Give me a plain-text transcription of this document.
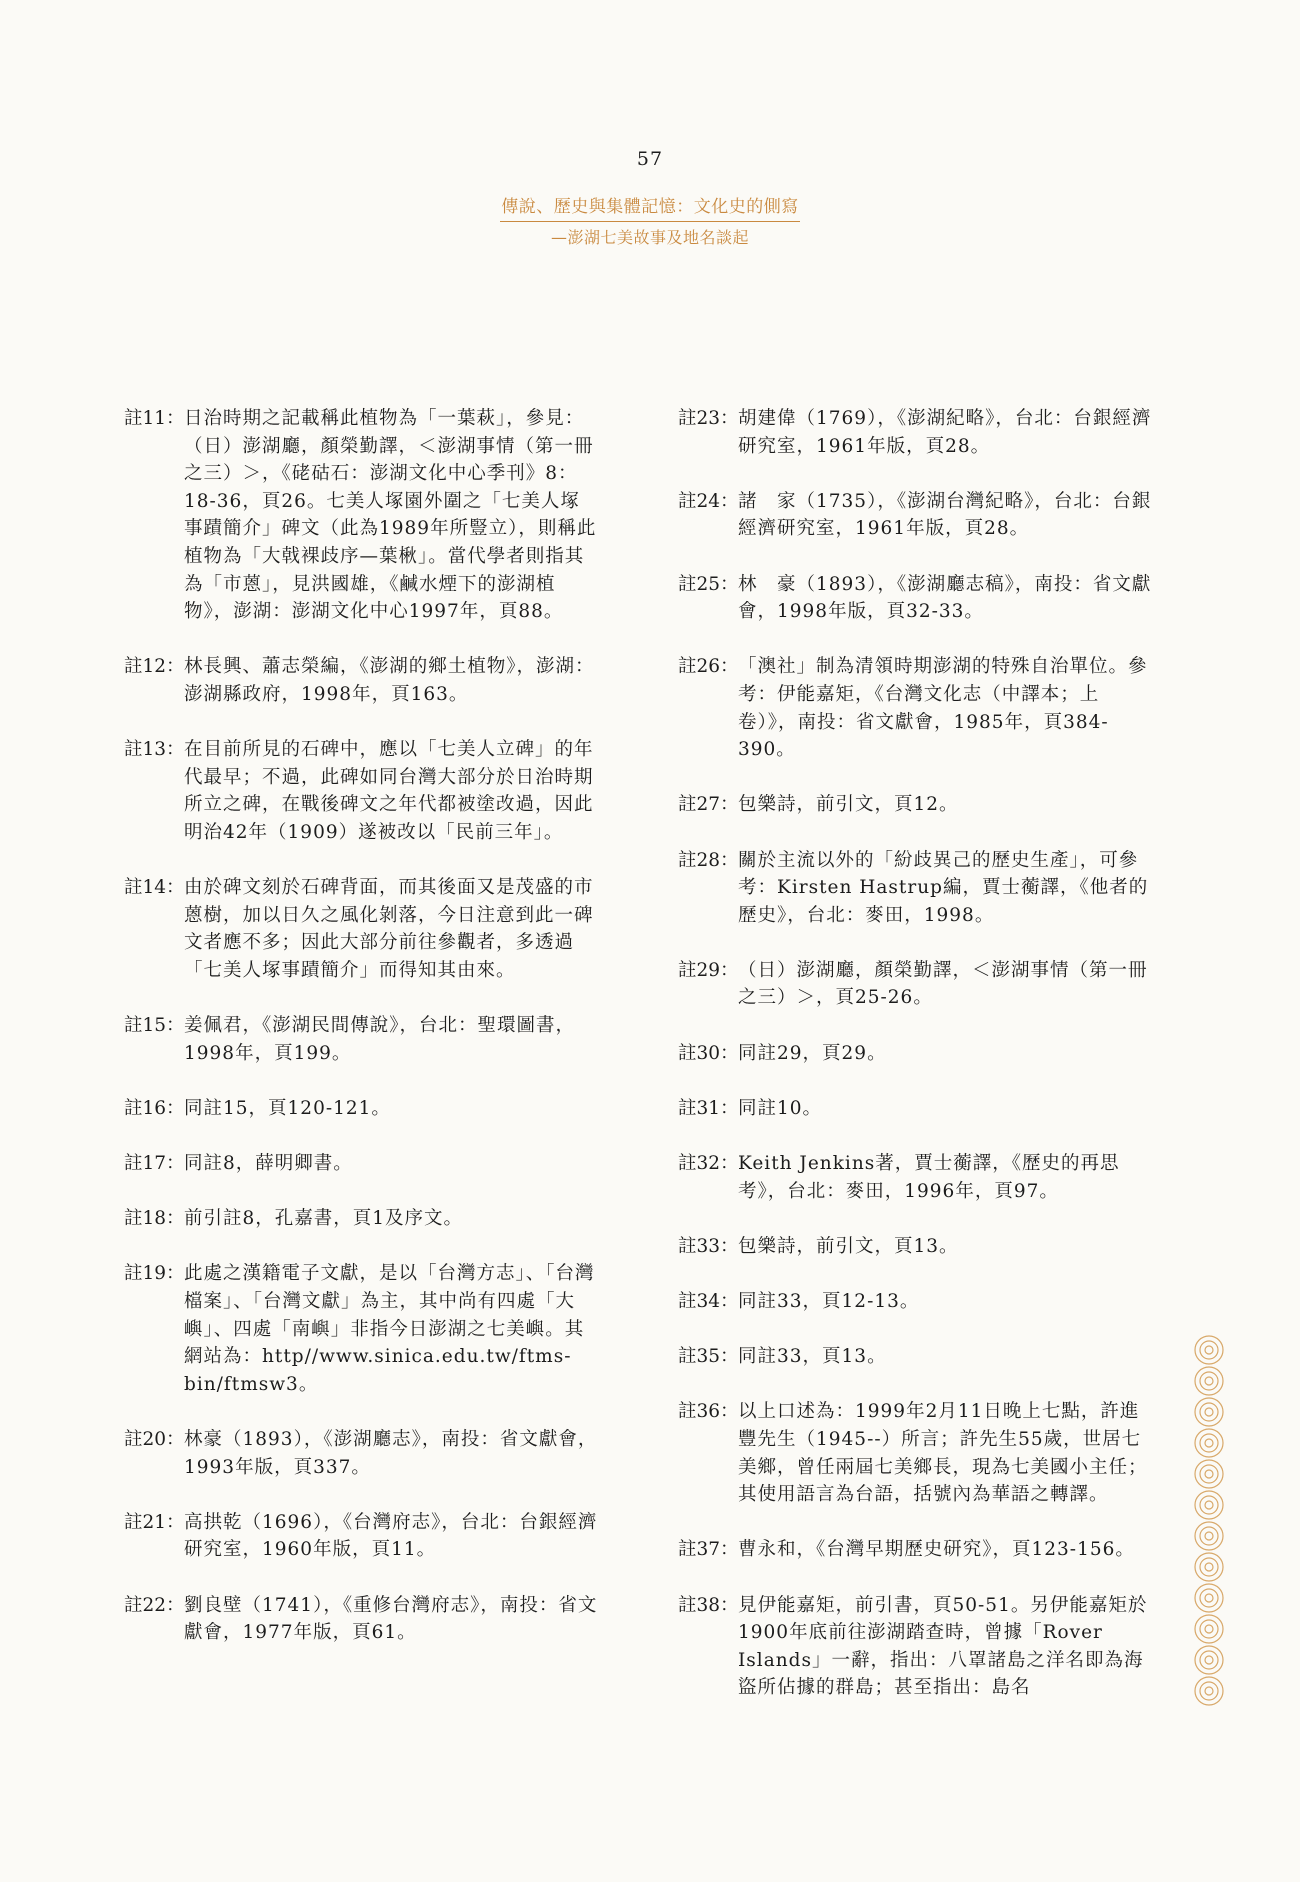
57
傳說、歷史與集體記憶：文化史的側寫
—澎湖七美故事及地名談起
註11： 日治時期之記載稱此植物為「一葉萩」，參見：（日）澎湖廳，顏榮勤譯，＜澎湖事情（第一冊之三）＞，《硓𥑮石：澎湖文化中心季刊》8：18-36，頁26。七美人塚園外圍之「七美人塚事蹟簡介」碑文（此為1989年所豎立），則稱此植物為「大戟裸歧序—葉楸」。當代學者則指其為「市蒽」，見洪國雄，《鹹水煙下的澎湖植物》，澎湖：澎湖文化中心1997年，頁88。
註12： 林長興、蕭志榮編，《澎湖的鄉土植物》，澎湖：澎湖縣政府，1998年，頁163。
註13： 在目前所見的石碑中，應以「七美人立碑」的年代最早；不過，此碑如同台灣大部分於日治時期所立之碑，在戰後碑文之年代都被塗改過，因此明治42年（1909）遂被改以「民前三年」。
註14： 由於碑文刻於石碑背面，而其後面又是茂盛的市蒽樹，加以日久之風化剝落，今日注意到此一碑文者應不多；因此大部分前往參觀者，多透過「七美人塚事蹟簡介」而得知其由來。
註15： 姜佩君，《澎湖民間傳說》，台北：聖環圖書，1998年，頁199。
註16： 同註15，頁120-121。
註17： 同註8，薛明卿書。
註18： 前引註8，孔嘉書，頁1及序文。
註19： 此處之漢籍電子文獻，是以「台灣方志」、「台灣檔案」、「台灣文獻」為主，其中尚有四處「大嶼」、四處「南嶼」非指今日澎湖之七美嶼。其網站為：http//www.sinica.edu.tw/ftms-bin/ftmsw3。
註20： 林豪（1893），《澎湖廳志》，南投：省文獻會，1993年版，頁337。
註21： 高拱乾（1696），《台灣府志》，台北：台銀經濟研究室，1960年版，頁11。
註22： 劉良壁（1741），《重修台灣府志》，南投：省文獻會，1977年版，頁61。
註23： 胡建偉（1769），《澎湖紀略》，台北：台銀經濟研究室，1961年版，頁28。
註24： 諸　家（1735），《澎湖台灣紀略》，台北：台銀經濟研究室，1961年版，頁28。
註25： 林　豪（1893），《澎湖廳志稿》，南投：省文獻會，1998年版，頁32-33。
註26： 「澳社」制為清領時期澎湖的特殊自治單位。參考：伊能嘉矩，《台灣文化志（中譯本；上卷）》，南投：省文獻會，1985年，頁384-390。
註27： 包樂詩，前引文，頁12。
註28： 關於主流以外的「紛歧異己的歷史生產」，可參考：Kirsten Hastrup編，賈士蘅譯，《他者的歷史》，台北：麥田，1998。
註29： （日）澎湖廳，顏榮勤譯，＜澎湖事情（第一冊之三）＞，頁25-26。
註30： 同註29，頁29。
註31： 同註10。
註32： Keith Jenkins著，賈士蘅譯，《歷史的再思考》，台北：麥田，1996年，頁97。
註33： 包樂詩，前引文，頁13。
註34： 同註33，頁12-13。
註35： 同註33，頁13。
註36： 以上口述為：1999年2月11日晚上七點，許進豐先生（1945--）所言；許先生55歲，世居七美鄉，曾任兩屆七美鄉長，現為七美國小主任；其使用語言為台語，括號內為華語之轉譯。
註37： 曹永和，《台灣早期歷史研究》，頁123-156。
註38： 見伊能嘉矩，前引書，頁50-51。另伊能嘉矩於1900年底前往澎湖踏查時，曾據「Rover Islands」一辭，指出：八罩諸島之洋名即為海盜所佔據的群島；甚至指出：島名
